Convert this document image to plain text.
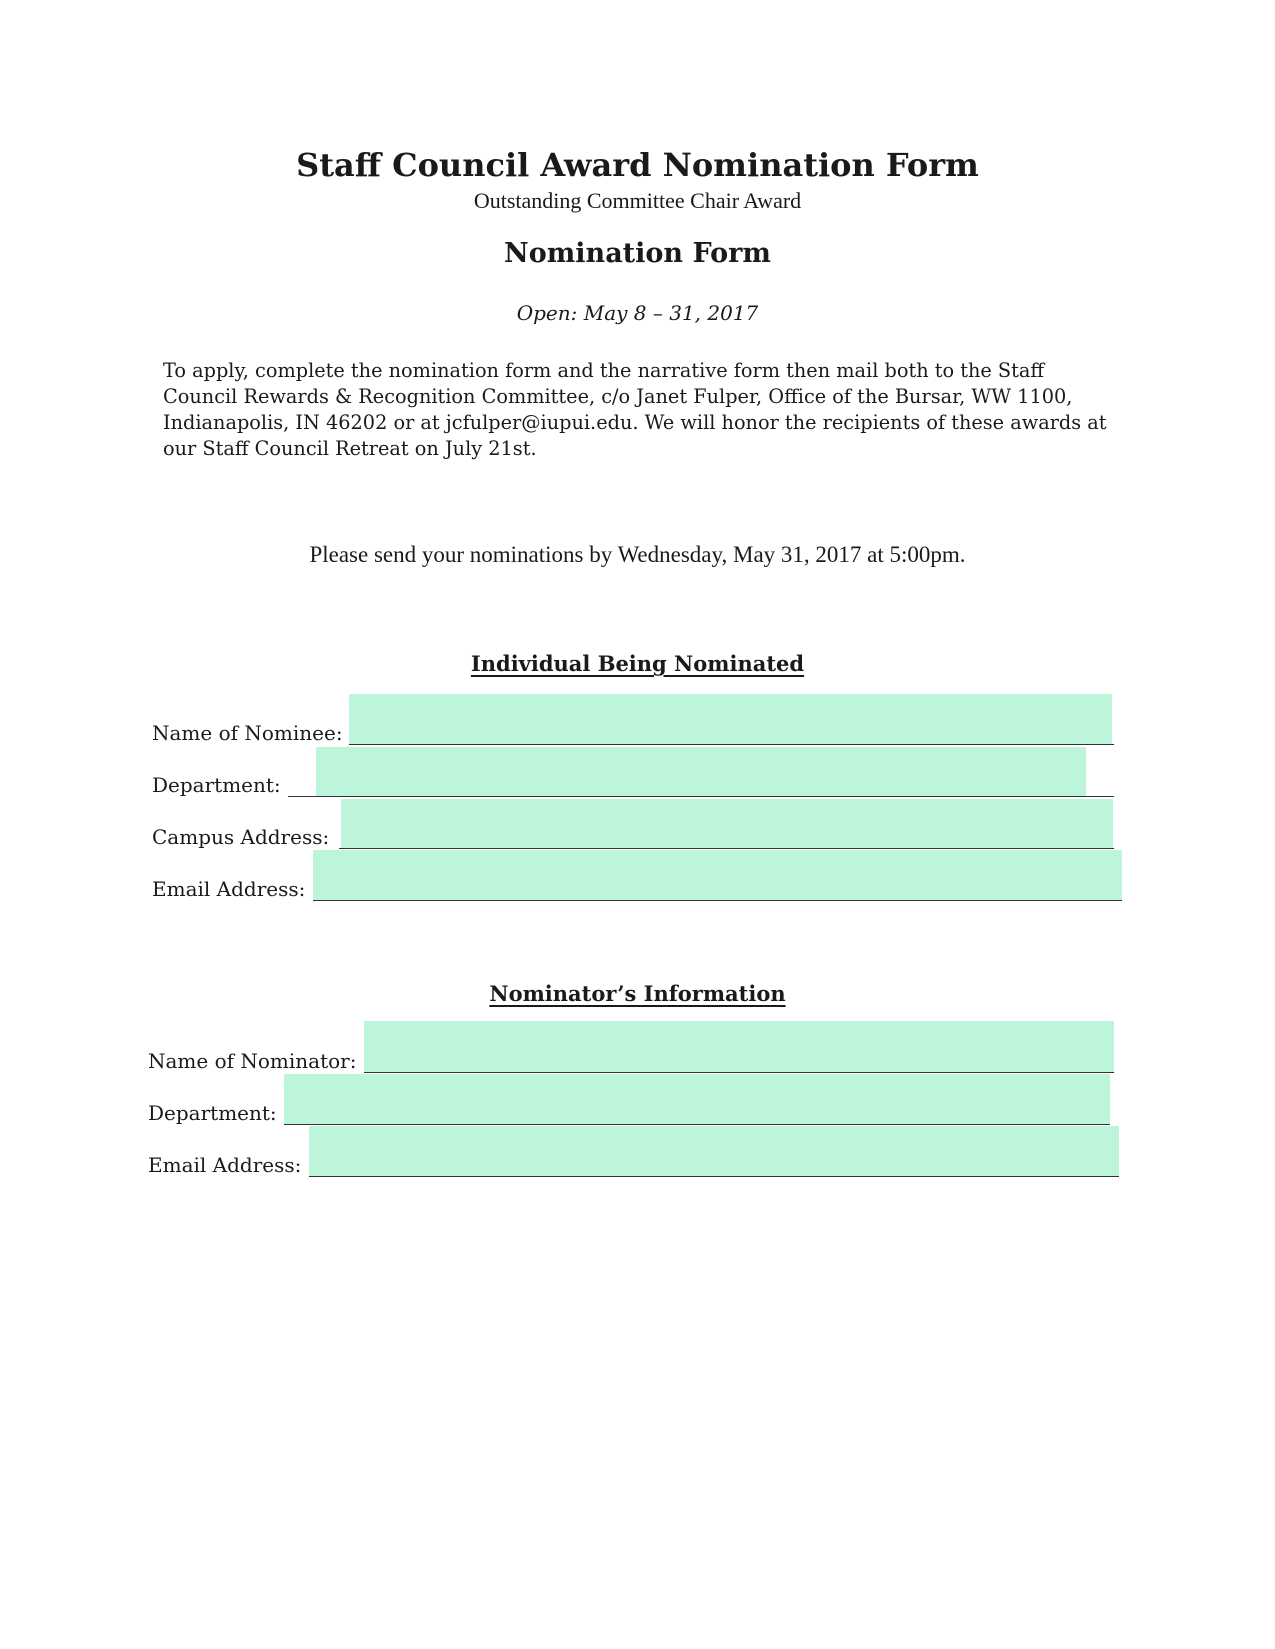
Staff Council Award Nomination Form
Outstanding Committee Chair Award
Nomination Form
Open: May 8 – 31, 2017

To apply, complete the nomination form and the narrative form then mail both to the Staff Council Rewards & Recognition Committee, c/o Janet Fulper, Office of the Bursar, WW 1100, Indianapolis, IN 46202 or at jcfulper@iupui.edu. We will honor the recipients of these awards at our Staff Council Retreat on July 21st.

Please send your nominations by Wednesday, May 31, 2017 at 5:00pm.
Individual Being Nominated
Name of Nominee:
Department:
Campus Address:
Email Address:
Nominator’s Information
Name of Nominator:
Department:
Email Address:
